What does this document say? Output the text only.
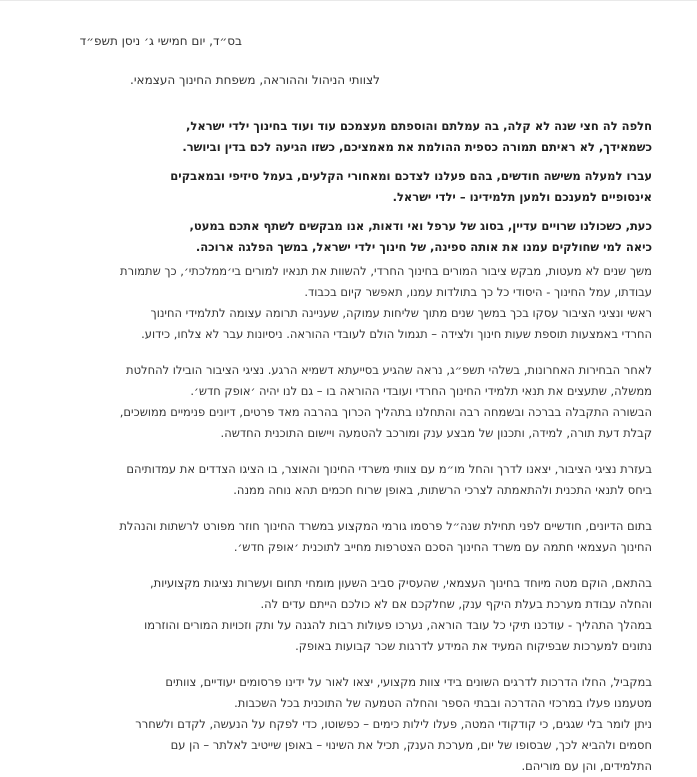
בס״ד, יום חמישי ג׳ ניסן תשפ״ד
לצוותי הניהול וההוראה, משפחת החינוך העצמאי.

חלפה לה חצי שנה לא קלה, בה עמלתם והוספתם מעצמכם עוד ועוד בחינוך ילדי ישראל,
כשמאידך, לא ראיתם תמורה כספית ההולמת את מאמציכם, כשזו הגיעה לכם בדין וביושר.

עברו למעלה משישה חודשים, בהם פעלנו לצדכם ומאחורי הקלעים, בעמל סיזיפי ובמאבקים
אינסופיים למענכם ולמען תלמידינו – ילדי ישראל.

כעת, כשכולנו שרויים עדיין, בסוג של ערפל ואי ודאות, אנו מבקשים לשתף אתכם במעט,
כיאה למי שחולקים עמנו את אותה ספינה, של חינוך ילדי ישראל, במשך הפלגה ארוכה.

משך שנים לא מעטות, מבקש ציבור המורים בחינוך החרדי, להשוות את תנאיו למורים בי׳ממלכתי׳, כך שתמורת
עבודתו, עמל החינוך - היסודי כל כך בתולדות עמנו, תאפשר קיום בכבוד.
ראשי ונציגי הציבור עסקו בכך במשך שנים מתוך שליחות עמוקה, שעניינה תרומה עצומה לתלמידי החינוך
החרדי באמצעות תוספת שעות חינוך ולצידה – תגמול הולם לעובדי ההוראה. ניסיונות עבר לא צלחו, כידוע.

לאחר הבחירות האחרונות, בשלהי תשפ״ג, נראה שהגיע בסייעתא דשמיא הרגע. נציגי הציבור הובילו להחלטת
ממשלה, שתעצים את תנאי תלמידי החינוך החרדי ועובדי ההוראה בו – גם לנו יהיה ׳אופק חדש׳.
הבשורה התקבלה בברכה ובשמחה רבה והתחלנו בתהליך הכרוך בהרבה מאד פרטים, דיונים פנימיים ממושכים,
קבלת דעת תורה, למידה, ותכנון של מבצע ענק ומורכב להטמעה ויישום התוכנית החדשה.

בעזרת נציגי הציבור, יצאנו לדרך והחל מו״מ עם צוותי משרדי החינוך והאוצר, בו הציגו הצדדים את עמדותיהם
ביחס לתנאי התכנית ולהתאמתה לצרכי הרשתות, באופן שרוח חכמים תהא נוחה ממנה.

בתום הדיונים, חודשיים לפני תחילת שנה״ל פרסמו גורמי המקצוע במשרד החינוך חוזר מפורט לרשתות והנהלת
החינוך העצמאי חתמה עם משרד החינוך הסכם הצטרפות מחייב לתוכנית ׳אופק חדש׳.

בהתאם, הוקם מטה מיוחד בחינוך העצמאי, שהעסיק סביב השעון מומחי תחום ועשרות נציגות מקצועיות,
והחלה עבודת מערכת בעלת היקף ענק, שחלקכם אם לא כולכם הייתם עדים לה.
במהלך התהליך - עודכנו תיקי כל עובד הוראה, נערכו פעולות רבות להגנה על ותק וזכויות המורים והוזרמו
נתונים למערכות שבפיקוח המעיד את המידע לדרגות שכר קבועות באופק.

במקביל, החלו הדרכות לדרגים השונים בידי צוות מקצועי, יצאו לאור על ידינו פרסומים יעודיים, צוותים
מטעמנו פעלו במרכזי ההדרכה ובבתי הספר והחלה הטמעה של התוכנית בכל השכבות.
ניתן לומר בלי שגגים, כי קודקודי המטה, פעלו לילות כימים – כפשוטו, כדי לפקח על הנעשה, לקדם ולשחרר
חסמים ולהביא לכך, שבסופו של יום, מערכת הענק, תכיל את השינוי – באופן שייטיב לאלתר – הן עם
התלמידים, והן עם מוריהם.
